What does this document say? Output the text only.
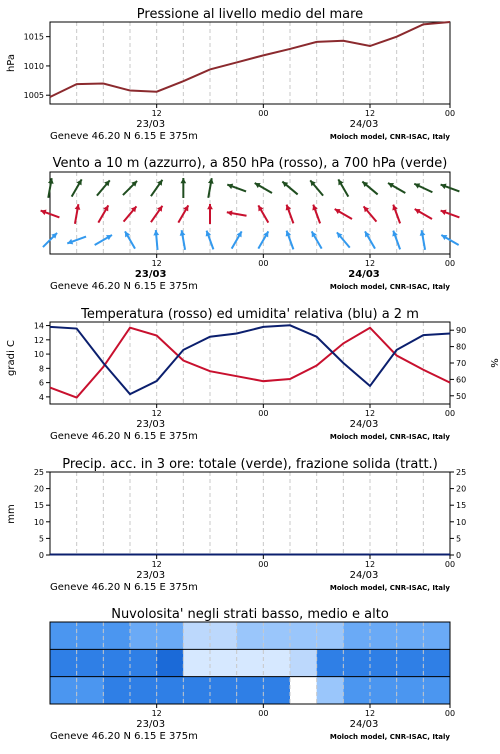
Pressione al livello medio del mare
1005
1010
1015
hPa
12	00	12	00
23/03	24/03
Geneve 46.20 N 6.15 E 375m	Moloch model, CNR-ISAC, Italy
Vento a 10 m (azzurro), a 850 hPa (rosso), a 700 hPa (verde)
12	00	12	00
23/03	24/03
Geneve 46.20 N 6.15 E 375m	Moloch model, CNR-ISAC, Italy
Temperatura (rosso) ed umidita' relativa (blu) a 2 m
4
6
8
10
12
14
50
60
70
80
90
gradi C	%
12	00	12	00
23/03	24/03
Geneve 46.20 N 6.15 E 375m	Moloch model, CNR-ISAC, Italy
Precip. acc. in 3 ore: totale (verde), frazione solida (tratt.)
0	0
5	5
10	10
15	15
20	20
25	25
mm
12	00	12	00
23/03	24/03
Geneve 46.20 N 6.15 E 375m	Moloch model, CNR-ISAC, Italy
Nuvolosita' negli strati basso, medio e alto
12	00	12	00
23/03	24/03
Geneve 46.20 N 6.15 E 375m	Moloch model, CNR-ISAC, Italy
